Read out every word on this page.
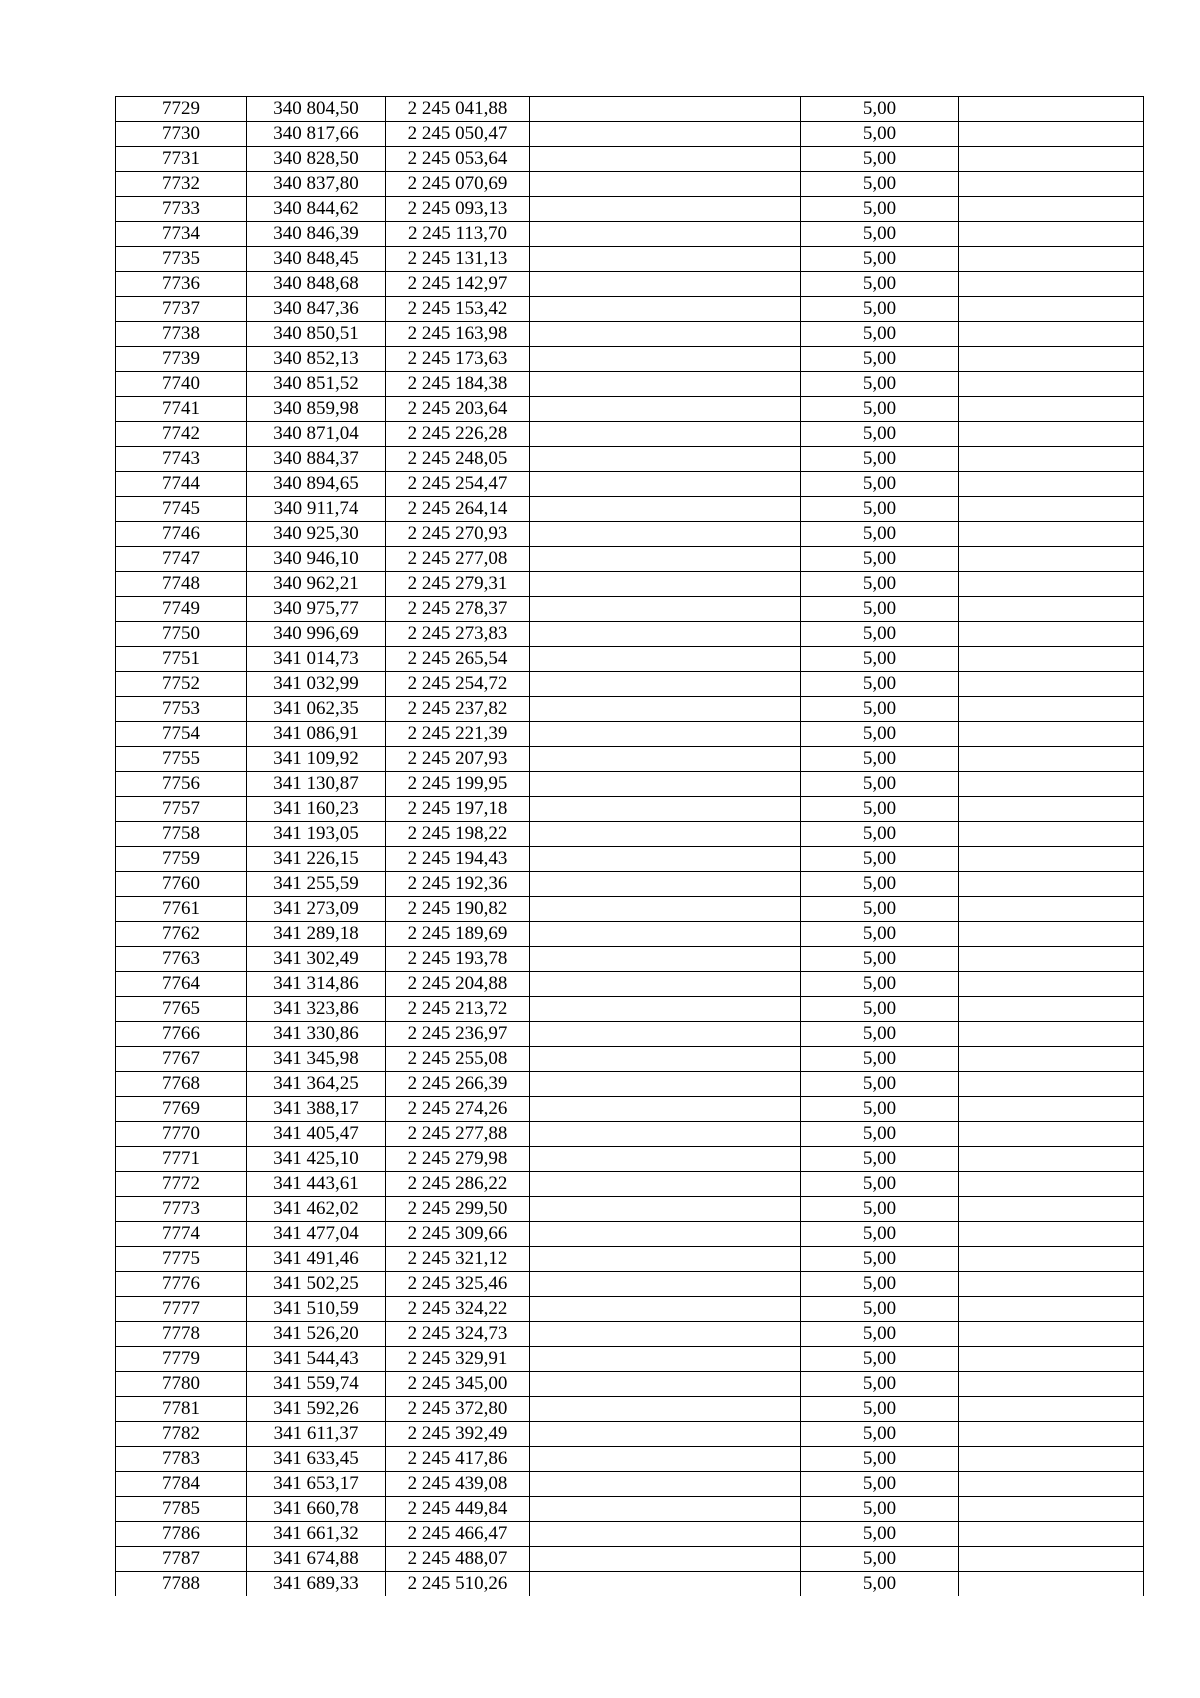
7729	340 804,50	2 245 041,88		5,00	
7730	340 817,66	2 245 050,47		5,00	
7731	340 828,50	2 245 053,64		5,00	
7732	340 837,80	2 245 070,69		5,00	
7733	340 844,62	2 245 093,13		5,00	
7734	340 846,39	2 245 113,70		5,00	
7735	340 848,45	2 245 131,13		5,00	
7736	340 848,68	2 245 142,97		5,00	
7737	340 847,36	2 245 153,42		5,00	
7738	340 850,51	2 245 163,98		5,00	
7739	340 852,13	2 245 173,63		5,00	
7740	340 851,52	2 245 184,38		5,00	
7741	340 859,98	2 245 203,64		5,00	
7742	340 871,04	2 245 226,28		5,00	
7743	340 884,37	2 245 248,05		5,00	
7744	340 894,65	2 245 254,47		5,00	
7745	340 911,74	2 245 264,14		5,00	
7746	340 925,30	2 245 270,93		5,00	
7747	340 946,10	2 245 277,08		5,00	
7748	340 962,21	2 245 279,31		5,00	
7749	340 975,77	2 245 278,37		5,00	
7750	340 996,69	2 245 273,83		5,00	
7751	341 014,73	2 245 265,54		5,00	
7752	341 032,99	2 245 254,72		5,00	
7753	341 062,35	2 245 237,82		5,00	
7754	341 086,91	2 245 221,39		5,00	
7755	341 109,92	2 245 207,93		5,00	
7756	341 130,87	2 245 199,95		5,00	
7757	341 160,23	2 245 197,18		5,00	
7758	341 193,05	2 245 198,22		5,00	
7759	341 226,15	2 245 194,43		5,00	
7760	341 255,59	2 245 192,36		5,00	
7761	341 273,09	2 245 190,82		5,00	
7762	341 289,18	2 245 189,69		5,00	
7763	341 302,49	2 245 193,78		5,00	
7764	341 314,86	2 245 204,88		5,00	
7765	341 323,86	2 245 213,72		5,00	
7766	341 330,86	2 245 236,97		5,00	
7767	341 345,98	2 245 255,08		5,00	
7768	341 364,25	2 245 266,39		5,00	
7769	341 388,17	2 245 274,26		5,00	
7770	341 405,47	2 245 277,88		5,00	
7771	341 425,10	2 245 279,98		5,00	
7772	341 443,61	2 245 286,22		5,00	
7773	341 462,02	2 245 299,50		5,00	
7774	341 477,04	2 245 309,66		5,00	
7775	341 491,46	2 245 321,12		5,00	
7776	341 502,25	2 245 325,46		5,00	
7777	341 510,59	2 245 324,22		5,00	
7778	341 526,20	2 245 324,73		5,00	
7779	341 544,43	2 245 329,91		5,00	
7780	341 559,74	2 245 345,00		5,00	
7781	341 592,26	2 245 372,80		5,00	
7782	341 611,37	2 245 392,49		5,00	
7783	341 633,45	2 245 417,86		5,00	
7784	341 653,17	2 245 439,08		5,00	
7785	341 660,78	2 245 449,84		5,00	
7786	341 661,32	2 245 466,47		5,00	
7787	341 674,88	2 245 488,07		5,00	
7788	341 689,33	2 245 510,26		5,00	
